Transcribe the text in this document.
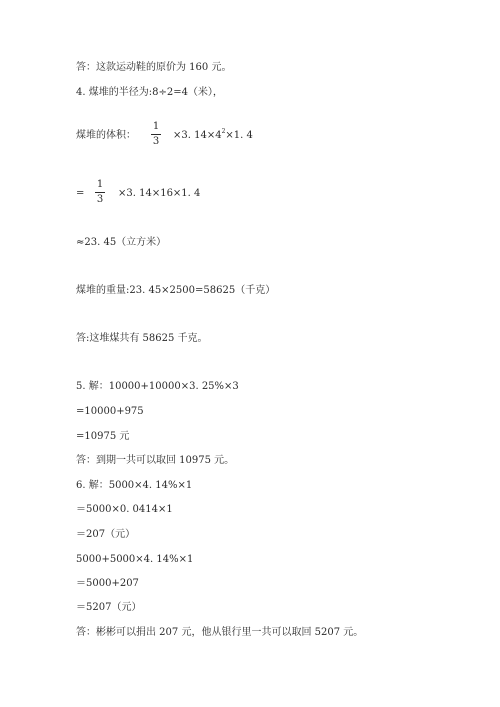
答：这款运动鞋的原价为 160 元。
4. 煤堆的半径为:8÷2=4（米），
煤堆的体积：
1
3
×3. $14\times 4^2\times 1$. 4
=
1
3
×3. 14×16×1. 4
≈23. 45（立方米）
煤堆的重量:23. 45×2500=58625（千克）
答:这堆煤共有 58625 千克。
5. 解：10000+10000×3. 25%×3
=10000+975
=10975 元
答：到期一共可以取回 10975 元。
6. 解：5000×4. 14%×1
＝5000×0. 0414×1
＝207（元）
5000+5000×4. 14%×1
＝5000+207
＝5207（元）
答：彬彬可以捐出 207 元，他从银行里一共可以取回 5207 元。
